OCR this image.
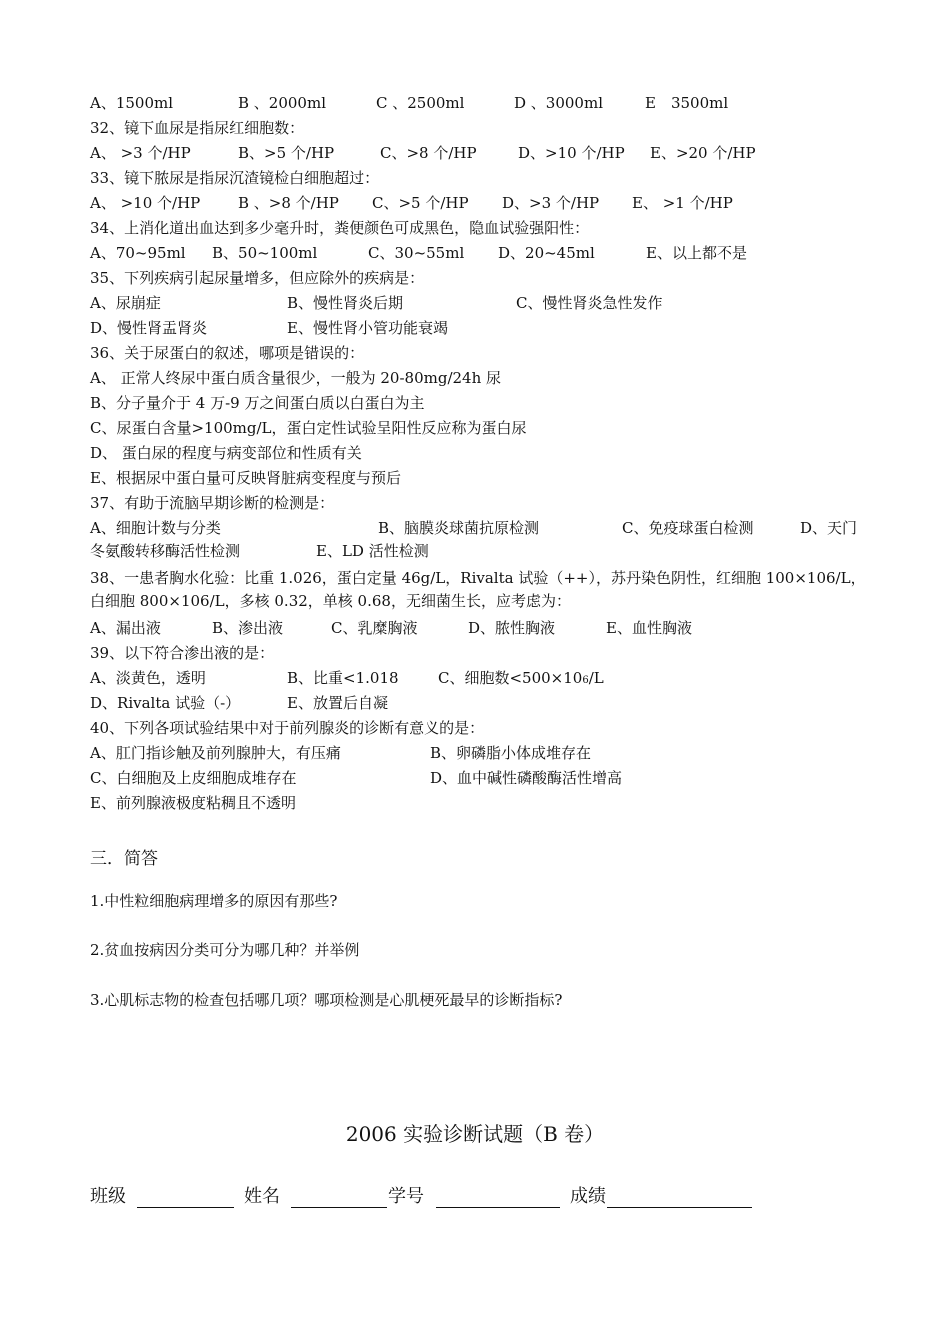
A、1500ml	B 、2000ml	C 、2500ml	D 、3000ml	E　3500ml
32、镜下血尿是指尿红细胞数：
A、 >3 个/HP	B、>5 个/HP	C、>8 个/HP	D、>10 个/HP E、>20 个/HP
33、镜下脓尿是指尿沉渣镜检白细胞超过：
A、 >10 个/HP	B 、>8 个/HP C、>5 个/HP D、>3 个/HP E、 >1 个/HP
34、上消化道出血达到多少毫升时，粪便颜色可成黑色，隐血试验强阳性：
A、70~95ml B、50~100ml	C、30~55ml D、20~45ml	E、以上都不是
35、下列疾病引起尿量增多，但应除外的疾病是：
A、尿崩症	B、慢性肾炎后期	C、慢性肾炎急性发作
D、慢性肾盂肾炎	E、慢性肾小管功能衰竭
36、关于尿蛋白的叙述，哪项是错误的：
A、 正常人终尿中蛋白质含量很少，一般为 20-80mg/24h 尿
B、分子量介于 4 万-9 万之间蛋白质以白蛋白为主
C、尿蛋白含量>100mg/L，蛋白定性试验呈阳性反应称为蛋白尿
D、 蛋白尿的程度与病变部位和性质有关
E、根据尿中蛋白量可反映肾脏病变程度与预后
37、有助于流脑早期诊断的检测是：
A、细胞计数与分类	B、脑膜炎球菌抗原检测	C、免疫球蛋白检测	D、天门
冬氨酸转移酶活性检测	E、LD 活性检测
38、一患者胸水化验：比重 1.026，蛋白定量 46g/L，Rivalta 试验（++），苏丹染色阴性，红细胞 100×106/L，
白细胞 800×106/L，多核 0.32，单核 0.68，无细菌生长，应考虑为：
A、漏出液	B、渗出液	C、乳糜胸液	D、脓性胸液	E、血性胸液
39、以下符合渗出液的是：
A、淡黄色，透明	B、比重<1.018	C、细胞数<500×106/L
D、Rivalta 试验（-）	E、放置后自凝
40、下列各项试验结果中对于前列腺炎的诊断有意义的是：
A、肛门指诊触及前列腺肿大，有压痛	B、卵磷脂小体成堆存在
C、白细胞及上皮细胞成堆存在	D、血中碱性磷酸酶活性增高
E、前列腺液极度粘稠且不透明
三．简答
1.中性粒细胞病理增多的原因有那些?
2.贫血按病因分类可分为哪几种？并举例
3.心肌标志物的检查包括哪几项？哪项检测是心肌梗死最早的诊断指标?
2006 实验诊断试题（B 卷）
班级	姓名	学号	成绩
